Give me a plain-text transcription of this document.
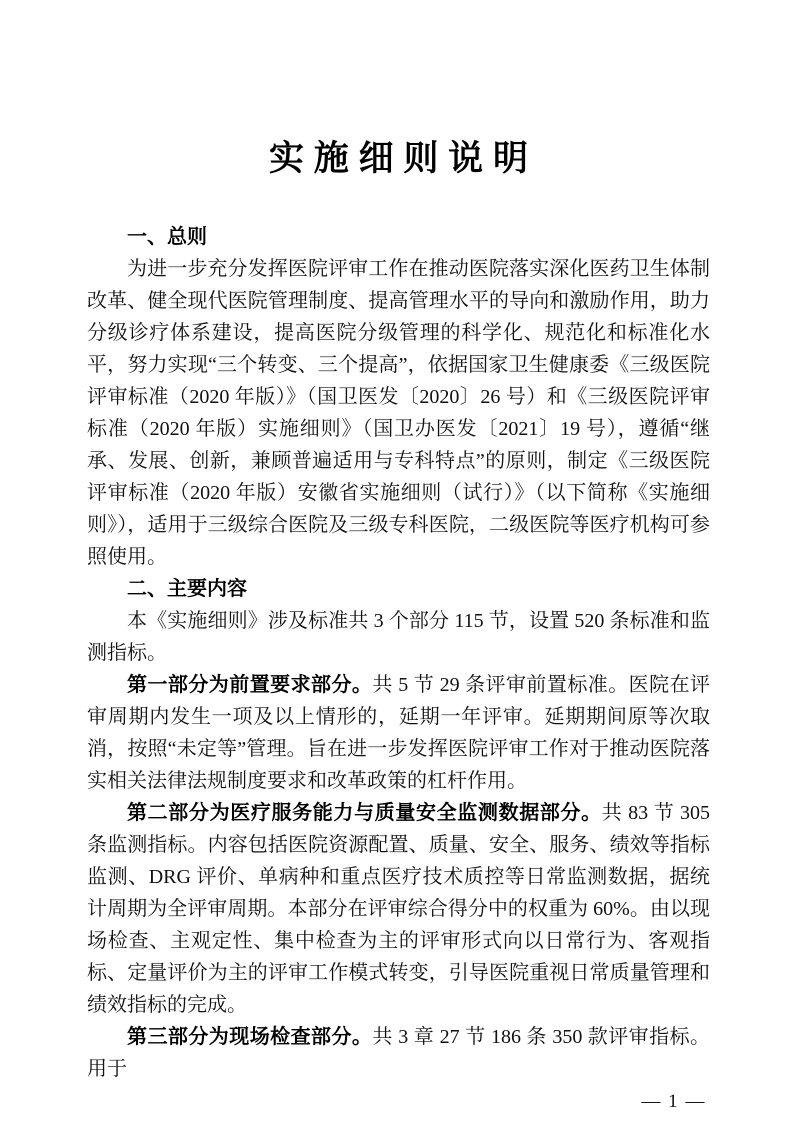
实施细则说明
一、总则

为进一步充分发挥医院评审工作在推动医院落实深化医药卫生体制改革、健全现代医院管理制度、提高管理水平的导向和激励作用，助力分级诊疗体系建设，提高医院分级管理的科学化、规范化和标准化水平，努力实现“三个转变、三个提高”，依据国家卫生健康委《三级医院评审标准（2020 年版）》（国卫医发〔2020〕26 号）和《三级医院评审标准（2020 年版）实施细则》（国卫办医发〔2021〕19 号），遵循“继承、发展、创新，兼顾普遍适用与专科特点”的原则，制定《三级医院评审标准（2020 年版）安徽省实施细则（试行）》（以下简称《实施细则》），适用于三级综合医院及三级专科医院，二级医院等医疗机构可参照使用。

二、主要内容

本《实施细则》涉及标准共 3 个部分 115 节，设置 520 条标准和监测指标。

第一部分为前置要求部分。共 5 节 29 条评审前置标准。医院在评审周期内发生一项及以上情形的，延期一年评审。延期期间原等次取消，按照“未定等”管理。旨在进一步发挥医院评审工作对于推动医院落实相关法律法规制度要求和改革政策的杠杆作用。

第二部分为医疗服务能力与质量安全监测数据部分。共 83 节 305 条监测指标。内容包括医院资源配置、质量、安全、服务、绩效等指标监测、DRG 评价、单病种和重点医疗技术质控等日常监测数据，据统计周期为全评审周期。本部分在评审综合得分中的权重为 60%。由以现场检查、主观定性、集中检查为主的评审形式向以日常行为、客观指标、定量评价为主的评审工作模式转变，引导医院重视日常质量管理和绩效指标的完成。

第三部分为现场检查部分。共 3 章 27 节 186 条 350 款评审指标。用于

— 1 —
